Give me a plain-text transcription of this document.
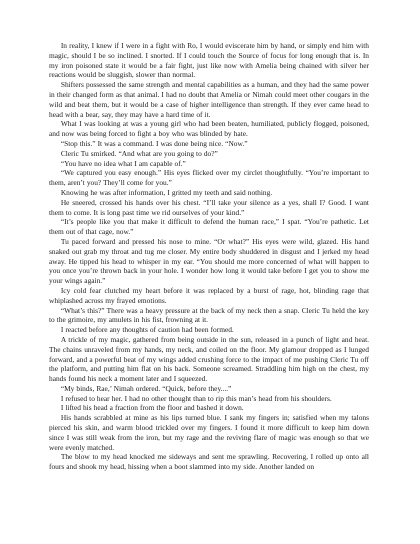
In reality, I knew if I were in a fight with Ro, I would eviscerate him by hand, or simply end him with magic, should I be so inclined. I snorted. If I could touch the Source of focus for long enough that is. In my iron poisoned state it would be a fair fight, just like now with Amelia being chained with silver her reactions would be sluggish, slower than normal.

Shifters possessed the same strength and mental capabilities as a human, and they had the same power in their changed form as that animal. I had no doubt that Amelia or Nimah could meet other cougars in the wild and beat them, but it would be a case of higher intelligence than strength. If they ever came head to head with a bear, say, they may have a hard time of it.

What I was looking at was a young girl who had been beaten, humiliated, publicly flogged, poisoned, and now was being forced to fight a boy who was blinded by hate.

“Stop this.” It was a command. I was done being nice. “Now.”

Cleric Tu smirked. “And what are you going to do?”

“You have no idea what I am capable of.”

“We captured you easy enough.” His eyes flicked over my circlet thoughtfully. “You’re important to them, aren’t you? They’ll come for you.”

Knowing he was after information, I gritted my teeth and said nothing.

He sneered, crossed his hands over his chest. “I’ll take your silence as a yes, shall I? Good. I want them to come. It is long past time we rid ourselves of your kind.”

“It’s people like you that make it difficult to defend the human race,” I spat. “You’re pathetic. Let them out of that cage, now.”

Tu paced forward and pressed his nose to mine. “Or what?” His eyes were wild, glazed. His hand snaked out grab my throat and tug me closer. My entire body shuddered in disgust and I jerked my head away. He tipped his head to whisper in my ear. “You should me more concerned of what will happen to you once you’re thrown back in your hole. I wonder how long it would take before I get you to show me your wings again.”

Icy cold fear clutched my heart before it was replaced by a burst of rage, hot, blinding rage that whiplashed across my frayed emotions.

“What’s this?” There was a heavy pressure at the back of my neck then a snap. Cleric Tu held the key to the grimoire, my amulets in his fist, frowning at it.

I reacted before any thoughts of caution had been formed.

A trickle of my magic, gathered from being outside in the sun, released in a punch of light and heat. The chains unraveled from my hands, my neck, and coiled on the floor. My glamour dropped as I lunged forward, and a powerful beat of my wings added crushing force to the impact of me pushing Cleric Tu off the platform, and putting him flat on his back. Someone screamed. Straddling him high on the chest, my hands found his neck a moment later and I squeezed.

“My binds, Rae,’ Nimah ordered. “Quick, before they....”

I refused to hear her. I had no other thought than to rip this man’s head from his shoulders.

I lifted his head a fraction from the floor and bashed it down.

His hands scrabbled at mine as his lips turned blue. I sank my fingers in; satisfied when my talons pierced his skin, and warm blood trickled over my fingers. I found it more difficult to keep him down since I was still weak from the iron, but my rage and the reviving flare of magic was enough so that we were evenly matched.

The blow to my head knocked me sideways and sent me sprawling. Recovering, I rolled up onto all fours and shook my head, hissing when a boot slammed into my side. Another landed on
